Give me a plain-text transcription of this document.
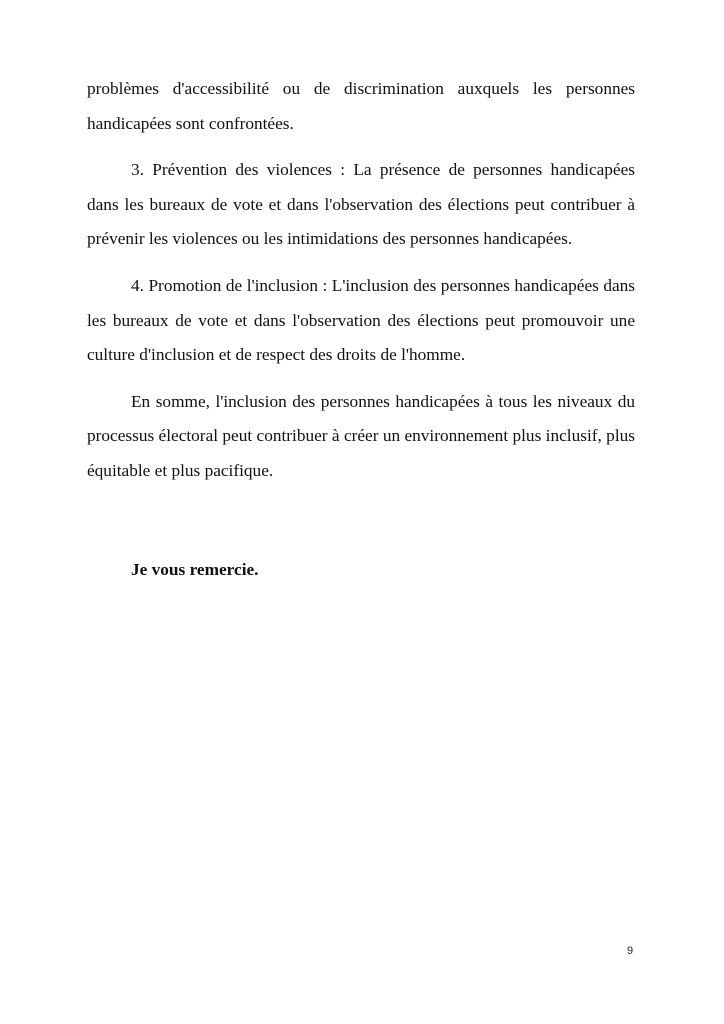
problèmes d'accessibilité ou de discrimination auxquels les personnes handicapées sont confrontées.

3. Prévention des violences : La présence de personnes handicapées dans les bureaux de vote et dans l'observation des élections peut contribuer à prévenir les violences ou les intimidations des personnes handicapées.

4. Promotion de l'inclusion : L'inclusion des personnes handicapées dans les bureaux de vote et dans l'observation des élections peut promouvoir une culture d'inclusion et de respect des droits de l'homme.

En somme, l'inclusion des personnes handicapées à tous les niveaux du processus électoral peut contribuer à créer un environnement plus inclusif, plus équitable et plus pacifique.

Je vous remercie.

9
